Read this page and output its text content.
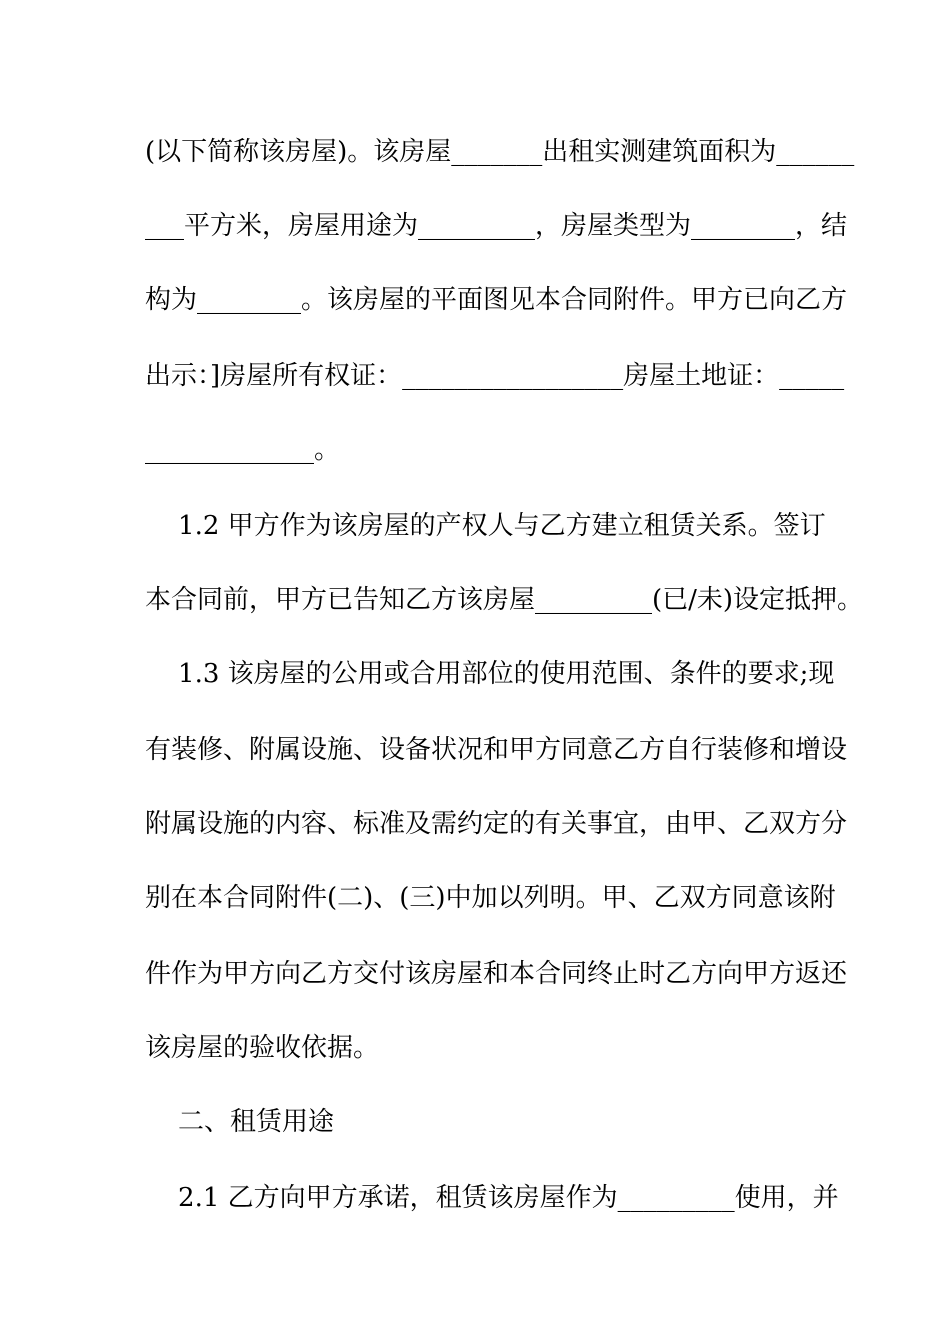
(以下简称该房屋)。该房屋_______出租实测建筑面积为______
___平方米，房屋用途为_________，房屋类型为________，结
构为________。该房屋的平面图见本合同附件。甲方已向乙方
出示：]房屋所有权证：_________________房屋土地证：_____
_____________。
1.2 甲方作为该房屋的产权人与乙方建立租赁关系。签订
本合同前，甲方已告知乙方该房屋_________(已/未)设定抵押。
1.3 该房屋的公用或合用部位的使用范围、条件的要求;现
有装修、附属设施、设备状况和甲方同意乙方自行装修和增设
附属设施的内容、标准及需约定的有关事宜，由甲、乙双方分
别在本合同附件(二)、(三)中加以列明。甲、乙双方同意该附
件作为甲方向乙方交付该房屋和本合同终止时乙方向甲方返还
该房屋的验收依据。
二、租赁用途
2.1 乙方向甲方承诺，租赁该房屋作为_________使用，并
